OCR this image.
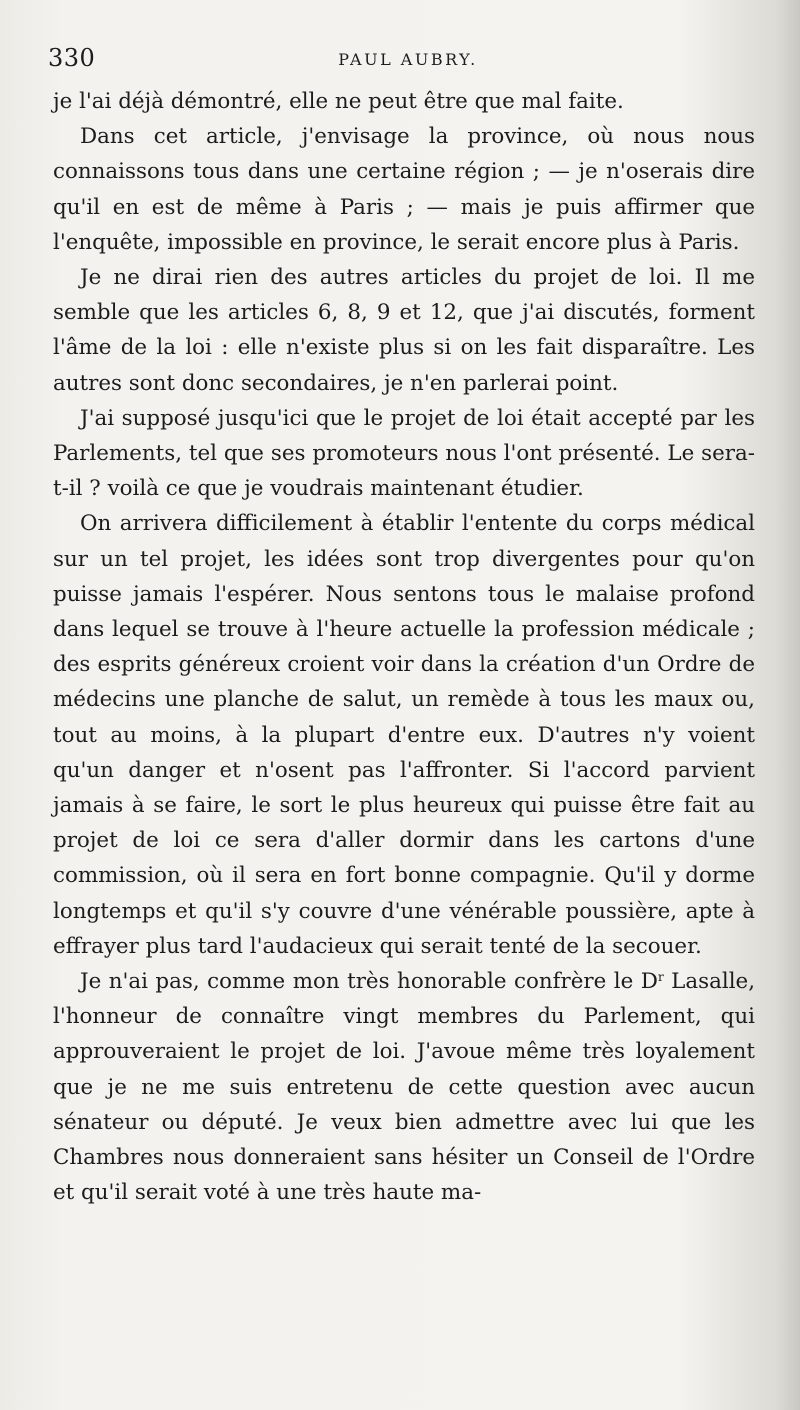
330	PAUL AUBRY.

je l'ai déjà démontré, elle ne peut être que mal faite.

Dans cet article, j'envisage la province, où nous nous connaissons tous dans une certaine région ; — je n'oserais dire qu'il en est de même à Paris ; — mais je puis affirmer que l'enquête, impossible en province, le serait encore plus à Paris.

Je ne dirai rien des autres articles du projet de loi. Il me semble que les articles 6, 8, 9 et 12, que j'ai discutés, forment l'âme de la loi : elle n'existe plus si on les fait disparaître. Les autres sont donc secondaires, je n'en parlerai point.

J'ai supposé jusqu'ici que le projet de loi était accepté par les Parlements, tel que ses promoteurs nous l'ont présenté. Le sera-t-il ? voilà ce que je voudrais maintenant étudier.

On arrivera difficilement à établir l'entente du corps médical sur un tel projet, les idées sont trop divergentes pour qu'on puisse jamais l'espérer. Nous sentons tous le malaise profond dans lequel se trouve à l'heure actuelle la profession médicale ; des esprits généreux croient voir dans la création d'un Ordre de médecins une planche de salut, un remède à tous les maux ou, tout au moins, à la plupart d'entre eux. D'autres n'y voient qu'un danger et n'osent pas l'affronter. Si l'accord parvient jamais à se faire, le sort le plus heureux qui puisse être fait au projet de loi ce sera d'aller dormir dans les cartons d'une commission, où il sera en fort bonne compagnie. Qu'il y dorme longtemps et qu'il s'y couvre d'une vénérable poussière, apte à effrayer plus tard l'audacieux qui serait tenté de la secouer.

Je n'ai pas, comme mon très honorable confrère le $D^r$ Lasalle, l'honneur de connaître vingt membres du Parlement, qui approuveraient le projet de loi. J'avoue même très loyalement que je ne me suis entretenu de cette question avec aucun sénateur ou député. Je veux bien admettre avec lui que les Chambres nous donneraient sans hésiter un Conseil de l'Ordre et qu'il serait voté à une très haute ma-
